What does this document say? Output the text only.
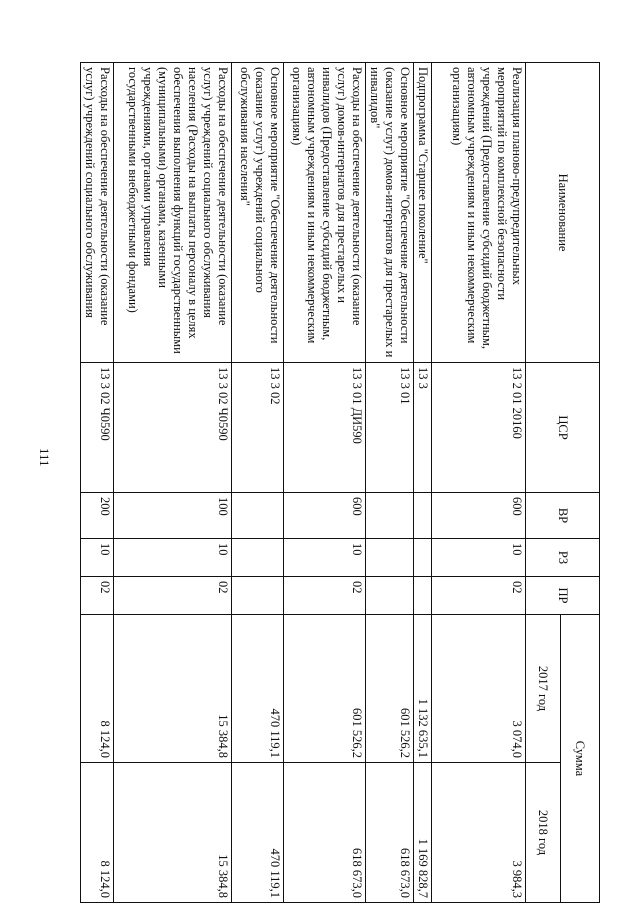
111
Наименование	ЦСР	ВР	РЗ	ПР	Сумма	
					2017 год	2018 год
Реализация планово-предупредительных мероприятий по комплексной безопасности учреждений (Предоставление субсидий бюджетным, автономным учреждениям и иным некоммерческим организациям)	13 2 01 20160	600	10	02	3 074,0	3 984,3
Подпрограмма "Старшее поколение"	13 3				1 132 635,1	1 169 828,7
Основное мероприятие "Обеспечение деятельности (оказание услуг) домов-интернатов для престарелых и инвалидов"	13 3 01				601 526,2	618 673,0
Расходы на обеспечение деятельности (оказание услуг) домов-интернатов для престарелых и инвалидов (Предоставление субсидий бюджетным, автономным учреждениям и иным некоммерческим организациям)	13 3 01 ДИ590	600	10	02	601 526,2	618 673,0
Основное мероприятие "Обеспечение деятельности (оказание услуг) учреждений социального обслуживания населения"	13 3 02				470 119,1	470 119,1
Расходы на обеспечение деятельности (оказание услуг) учреждений социального обслуживания населения (Расходы на выплаты персоналу в целях обеспечения выполнения функций государственными (муниципальными) органами, казенными учреждениями, органами управления государственными внебюджетными фондами)	13 3 02 Ч0590	100	10	02	15 384,8	15 384,8
Расходы на обеспечение деятельности (оказание услуг) учреждений социального обслуживания	13 3 02 Ч0590	200	10	02	8 124,0	8 124,0
